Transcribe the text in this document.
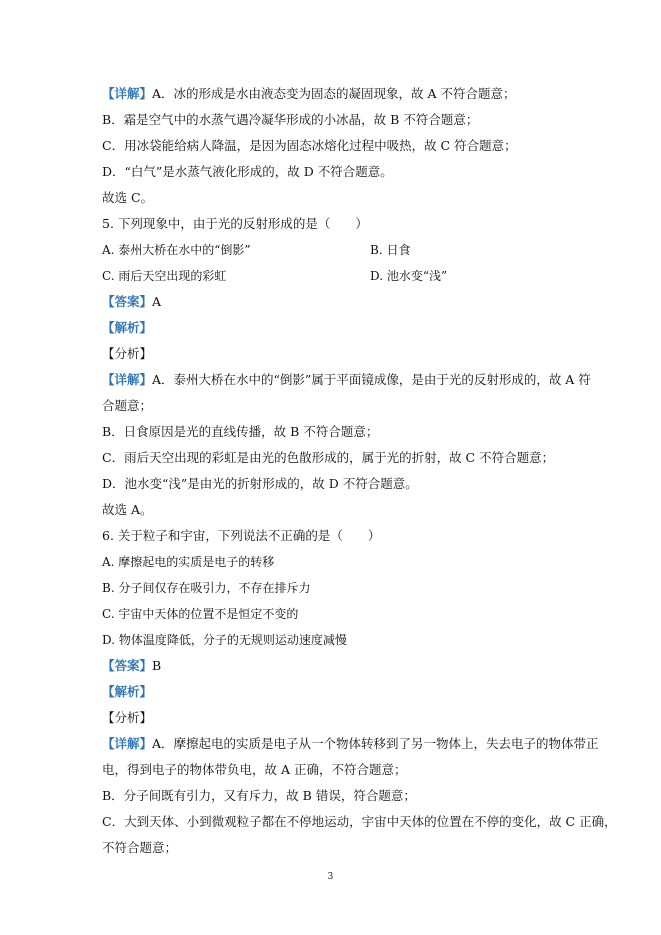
【详解】A．冰的形成是水由液态变为固态的凝固现象，故 A 不符合题意；
B．霜是空气中的水蒸气遇冷凝华形成的小冰晶，故 B 不符合题意；
C．用冰袋能给病人降温，是因为固态冰熔化过程中吸热，故 C 符合题意；
D．“白气”是水蒸气液化形成的，故 D 不符合题意。
故选 C。
5. 下列现象中，由于光的反射形成的是（　　）
A. 泰州大桥在水中的“倒影”	B. 日食
C. 雨后天空出现的彩虹	D. 池水变“浅”
【答案】A
【解析】
【分析】
【详解】A．泰州大桥在水中的“倒影”属于平面镜成像，是由于光的反射形成的，故 A 符
合题意；
B．日食原因是光的直线传播，故 B 不符合题意；
C．雨后天空出现的彩虹是由光的色散形成的，属于光的折射，故 C 不符合题意；
D．池水变“浅”是由光的折射形成的，故 D 不符合题意。
故选 A。
6. 关于粒子和宇宙，下列说法不正确的是（　　）
A. 摩擦起电的实质是电子的转移
B. 分子间仅存在吸引力，不存在排斥力
C. 宇宙中天体的位置不是恒定不变的
D. 物体温度降低，分子的无规则运动速度减慢
【答案】B
【解析】
【分析】
【详解】A．摩擦起电的实质是电子从一个物体转移到了另一物体上，失去电子的物体带正
电，得到电子的物体带负电，故 A 正确，不符合题意；
B．分子间既有引力，又有斥力，故 B 错误，符合题意；
C．大到天体、小到微观粒子都在不停地运动，宇宙中天体的位置在不停的变化，故 C 正确，
不符合题意；
3
